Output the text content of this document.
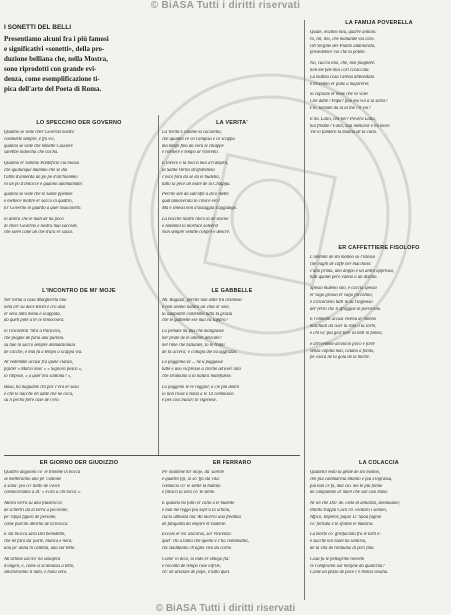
© BiASA Tutti i diritti riservati
I SONETTI DEL BELLI
Presentiamo alcuni fra i più famosi
e significativi «sonetti», della pro-
duzione belliana che, nella Mostra,
sono riprodotti con grande evi-
denza, come esemplificazione ti-
pica dell'arte del Poeta di Roma.
LO SPECCHIO DER GOVERNO
Quanno se vede cher Governo nostro
commette sempre, e ffa vvì,
quanno se vede che mmette Cassiere
sarebbe indovina che cos'ha.
Quanno er Sommo Ponteficie cia mosso
che qualunque mummo che se dia
t'abbi d'annerda un pò pè d'archiommo
ro un pò d'innocce e quanno adomannate;
quanno se vede che le Sante ppenele
e mettece inoltre er sacco in quattro,
Er Governo lo guardo a quer muscoletto.
io allora che le mali de nu poco
di chier Governo e nostra mai succede,
che ssere cane un che trura er sasso.
LA VERITA'
La Verità è comme la cacarella,
che quanno ce vò l'ampisa e ce scappa
ma tempi fino da vera lè chiappe
e ritenere è tempo ar ritorello.
E invece o la bocca mai a'n'ampra,
la Santa Verità strafottenela
c'esce fora da sé da le budella,
tutto la pece un mare de la Chiappa.
Perchè sìte da sull'ofte a do'ò mette
qual'annaverata lo cresce ero?
Ma e smessi non d'assaggià s'aggiùngo.
La bocche nostre liticò là de stocne
e Iommini la mortace sotèerst
Non sempre venitte conpre e dencre.
LA FAMIJA POVERELLA
Quale, ovatino mia, quarre annoio:
ro, tin, illo, che manunde via caro.
Oh Vergine der Pianto addolorata,
provedetece voi che la potete.
No, cuccio mio, che, non piagnete:
non me fate mai cori ccosccata.
La mattea cosa l'arena abbondata
e trovenno er pane a majorerèr.
Si capissie er bene che ve voie!
Che ddite? Papà? puo mo voi a la sorta?
Fio, tornate da la al ttie c'è voi?
E'nn. Lallo, che bei? Povera Lalla,
hai freddo? Fallo, mia menuvor è mi more
Vie io famlero la manna de la calla.
ER CAFFETTIERE FISOLOFO
L'ommini de sto monno sò l'istesso
che vaghi de caffè ner macinino:
c'uno prima, uno doppo e un antro appresso,
tutti quanti però vanno a un distino.
Spesso muteno sito, e caccia spesso
er vago grosso er vago piccolino,
e s'incarzeno tutti in su l'ingresso
der ferro che li sfraggne in porverino.
E l'ommini accusì vivenu ar monno
mischiati da cuer la rota o la sorte,
e chi va' più gior ture va tetti in fonno;
e arrivemmo alconcio poco e forte
senza capillà mai, calano a fonno,
pè cascà ne la gola de la morte.
L'INCONTRO DE MI' MOJE
Ner torna a casa Margherita mia
ieha orr su doce Riviti è cro aiza
er sera lutto menu e scappata,
da quell potè a te ce nmiocoorà.
io l'incontrai 'ntrà a Paravria,
che piagne de furia una purella.
sù nuo la sacco sempre ammanzonaia
de cacche, e mia fu a tempo a scappà via.
Ar vedemme accusì fra quele cianza,
pijiðer « Mario mio! » « Signora pesca »,
io ribpose, « a quer'ora santona? »,
Baxa, ha naguame chi par c'era er sasa
e che le nacche oh adde che nè ceca,
su li pechò fiere case de l'ero.
LE GABBELLE
Ah. Ragazzi, perché non state tra orsinena
e non avemo natura un vina ar sole,
la sumpoltre contenme tutta la grazia
che le gabbelle ese nua vu sappra?
Lo pemate nu pus che mangiasse
ner prate de le ommre delicate?
nel rime che taziunile, to lo trami
de la accera: è collapa die na aggrazzo.
Lo poggenia ze ... ne u paggasse
tutte e uno vicpresse a cinche ad'aver alla
che stramano a la natura malefidese.
Lo paggeno le re raggior, a cie più donni
io non rivae o bailà a le 14 commissio
e pes così bucuri in vigenese.
ER GIORNO DER GIUDIZZIO
Quattro angoloni co' le tromme in bocca
se metteranno uno pe' cantone
a sonà: poi co' tanto de vvoce
cominceranno a dì: « Fora a chi tocca ».
Allora verrà su una filastrocca
de schèrtri da la terra a pecorone,
pe' ripijà figura de persone,
come purcini attorno de la biocca.
E sta biocca sarà Dio benedetto,
che ne farà du' parte, bianca e nera:
una pe' annà in cantina, una sur tetto.
All'urtimo uscirà 'na sonajera
d'angeli, e, come si ss'annassi a letto,
smorzeranno li lumi, e bona sera.
ER FERRARO
Pe' mantené mi' moje, du' sorelle
e quattro fiji, io so' ffà sta vita:
comincio co' le stelle la matina
e finisco la sera co' le stelle.
E quanno ho fatto er callo a le budelle
e nun me reggo più sopr'a la schina,
cucio abbasta nìa' An morrio una fredlina
de fatigarda da empiré er budelle.
Eccolo er mi' discorso, sor Vincenzo:
quer' chi a tanta che quello è c'ha commodità,
chi staddanno ch'agno vive da corne.
Come' ìo dico, io indò er stmigo fia:
e roconto de tempo rase iofrile,
ch: de urlaszie de pope, è tutto quel.
LA COLACCIA
Quantiin vedo la gente de sto monno,
che più cammarina intanto e più s'ingrassa,
più nun ce fa, mai ciò. Sei te più fonno
de campanine ar mare che son così bona.
Ar on che Dio' de. cedo di annarda, smonaaine;
Itmillo tràppa Cocò rìt. verdaro i sonino,
Affico, Imperor, papu! Li' Spaa fognio
co' fortuna e le sfonno le mutaria.
La morte co' grinfaciata fra ie tarti e:
e zucche noi tozze ha sentiria,
de la vita de rotinumo di pori fina.
Cosa fu le pellegrine novello
re l'ompraren sur minjine da quanchia?
Come un pezzo de pace c'è benna vesana.
© BiASA Tutti i diritti riservati
